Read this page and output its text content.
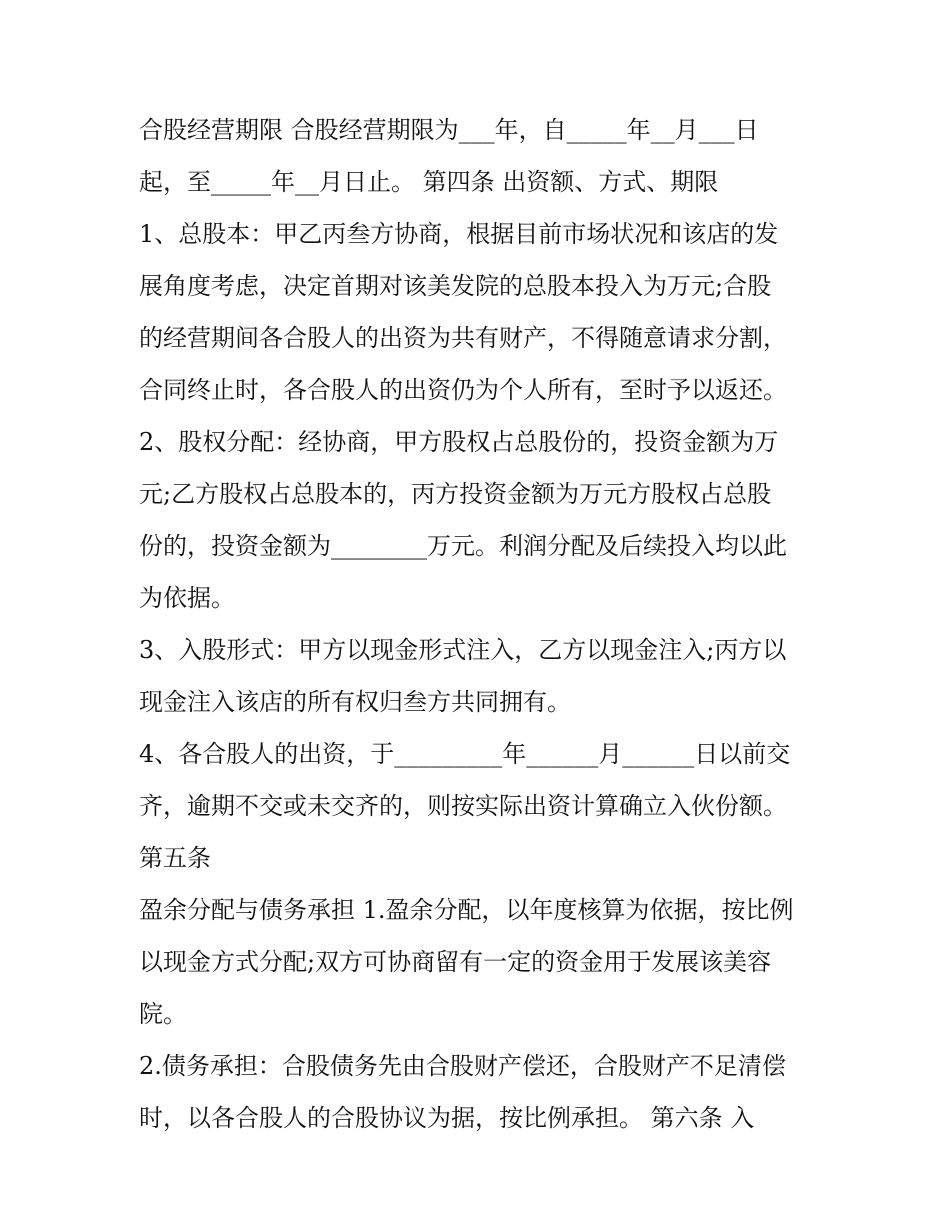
合股经营期限 合股经营期限为___年，自_____年__月___日
起，至_____年__月日止。 第四条 出资额、方式、期限
1、总股本：甲乙丙叁方协商，根据目前市场状况和该店的发
展角度考虑，决定首期对该美发院的总股本投入为万元;合股
的经营期间各合股人的出资为共有财产，不得随意请求分割，
合同终止时，各合股人的出资仍为个人所有，至时予以返还。
2、股权分配：经协商，甲方股权占总股份的，投资金额为万
元;乙方股权占总股本的，丙方投资金额为万元方股权占总股
份的，投资金额为________万元。利润分配及后续投入均以此
为依据。
3、入股形式：甲方以现金形式注入，乙方以现金注入;丙方以
现金注入该店的所有权归叁方共同拥有。
4、各合股人的出资，于_________年______月______日以前交
齐，逾期不交或未交齐的，则按实际出资计算确立入伙份额。
第五条
盈余分配与债务承担 1.盈余分配，以年度核算为依据，按比例
以现金方式分配;双方可协商留有一定的资金用于发展该美容
院。
2.债务承担：合股债务先由合股财产偿还，合股财产不足清偿
时，以各合股人的合股协议为据，按比例承担。 第六条 入
